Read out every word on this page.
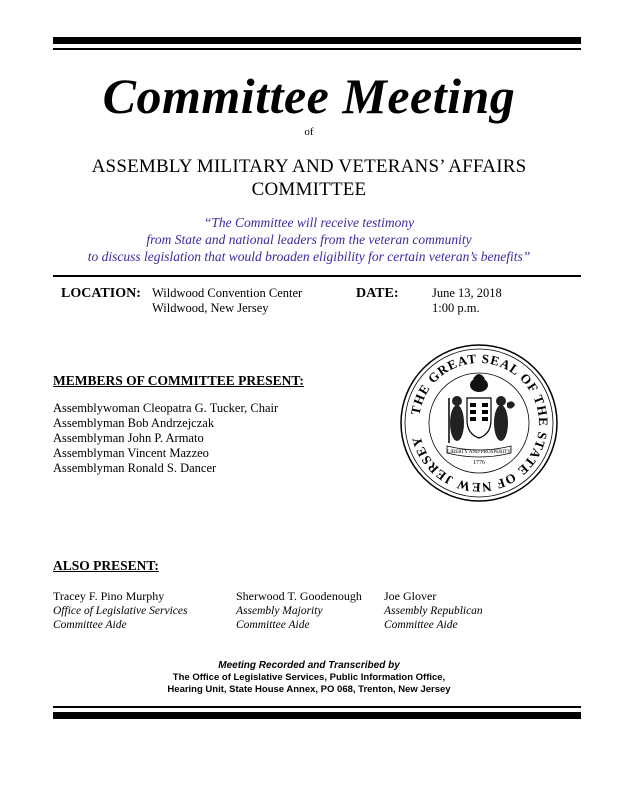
Committee Meeting
of
ASSEMBLY MILITARY AND VETERANS’ AFFAIRS
COMMITTEE
“The Committee will receive testimony
from State and national leaders from the veteran community
to discuss legislation that would broaden eligibility for certain veteran’s benefits”
LOCATION: Wildwood Convention Center
Wildwood, New Jersey
DATE:	June 13, 2018
1:00 p.m.
MEMBERS OF COMMITTEE PRESENT:
Assemblywoman Cleopatra G. Tucker, Chair
Assemblyman Bob Andrzejczak
Assemblyman John P. Armato
Assemblyman Vincent Mazzeo
Assemblyman Ronald S. Dancer
THE GREAT SEAL OF THE STATE OF NEW JERSEY
LIBERTY AND PROSPERITY
1776
ALSO PRESENT:
Tracey F. Pino Murphy
Office of Legislative Services
Committee Aide
Sherwood T. Goodenough
Assembly Majority
Committee Aide
Joe Glover
Assembly Republican
Committee Aide
Meeting Recorded and Transcribed by
The Office of Legislative Services, Public Information Office,
Hearing Unit, State House Annex, PO 068, Trenton, New Jersey
